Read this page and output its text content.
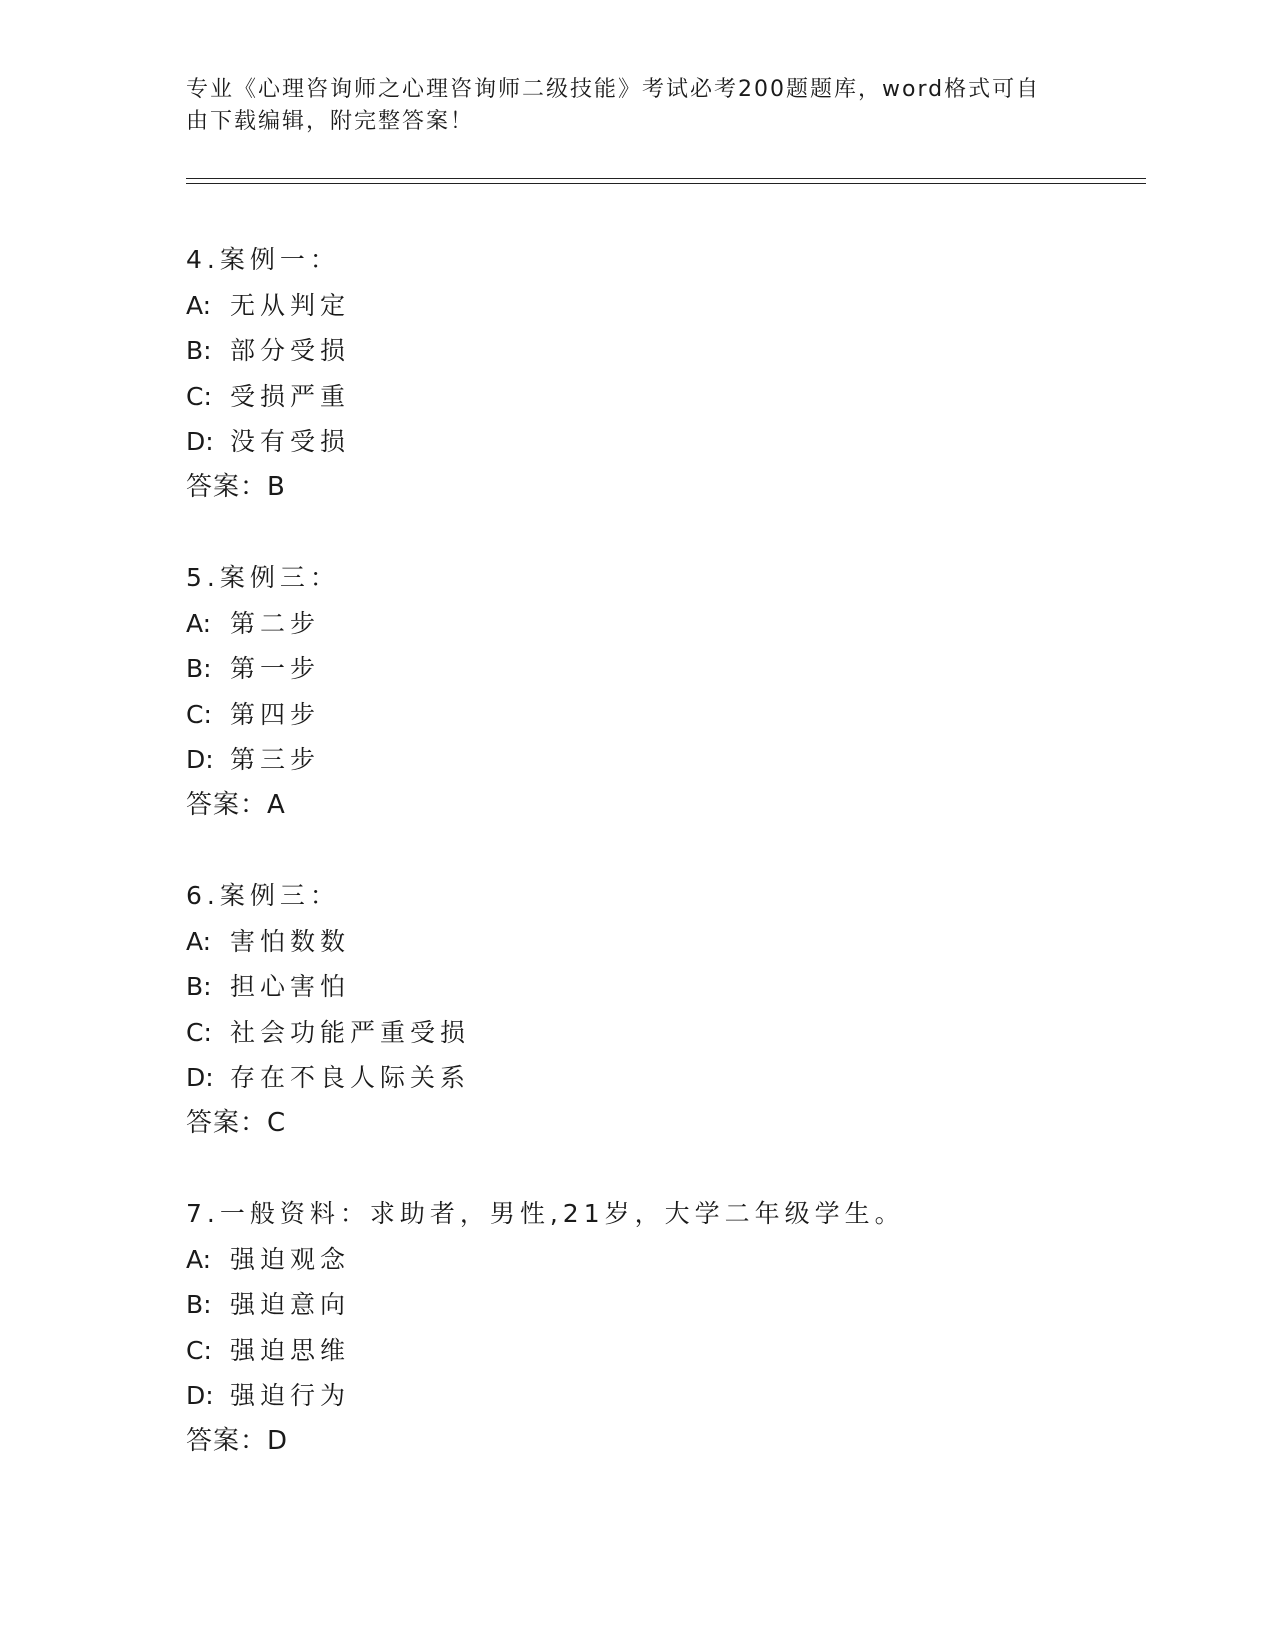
专业《心理咨询师之心理咨询师二级技能》考试必考200题题库，word格式可自
由下载编辑，附完整答案！
4.案例一：
A: 无从判定
B: 部分受损
C: 受损严重
D: 没有受损
答案：B
5.案例三：
A: 第二步
B: 第一步
C: 第四步
D: 第三步
答案：A
6.案例三：
A: 害怕数数
B: 担心害怕
C: 社会功能严重受损
D: 存在不良人际关系
答案：C
7.一般资料：求助者，男性,21岁，大学二年级学生。
A: 强迫观念
B: 强迫意向
C: 强迫思维
D: 强迫行为
答案：D
